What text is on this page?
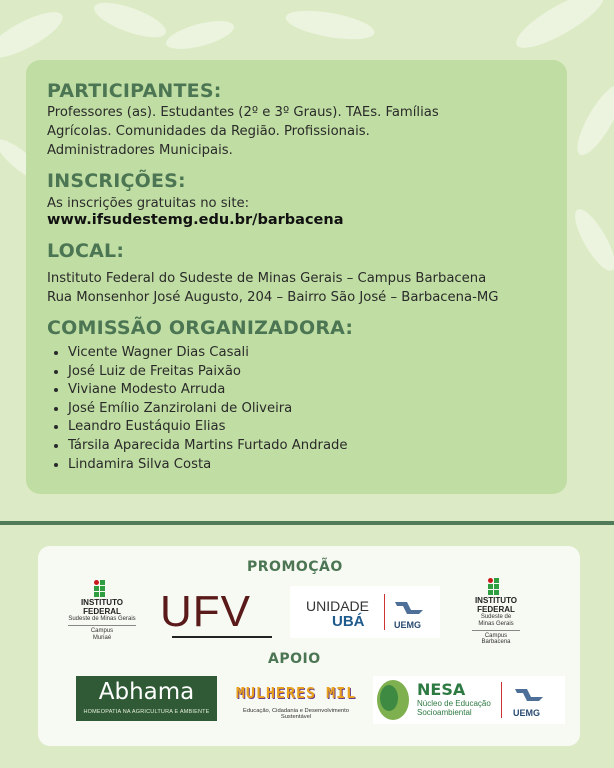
PARTICIPANTES:

Professores (as). Estudantes (2º e 3º Graus). TAEs. Famílias

Agrícolas. Comunidades da Região. Profissionais.

Administradores Municipais.

INSCRIÇÕES:

As inscrições gratuitas no site:

www.ifsudestemg.edu.br/barbacena

LOCAL:

Instituto Federal do Sudeste de Minas Gerais – Campus Barbacena

Rua Monsenhor José Augusto, 204 – Bairro São José – Barbacena-MG

COMISSÃO ORGANIZADORA:
• Vicente Wagner Dias Casali
• José Luiz de Freitas Paixão
• Viviane Modesto Arruda
• José Emílio Zanzirolani de Oliveira
• Leandro Eustáquio Elias
• Társila Aparecida Martins Furtado Andrade
• Lindamira Silva Costa
PROMOÇÃO
INSTITUTO
FEDERAL
Sudeste de Minas Gerais
Campus
Muriaé
UFV	UNIDADE
UBÁ	UEMG
INSTITUTO
FEDERAL
Sudeste de
Minas Gerais
Campus
Barbacena
APOIO
Abhama
HOMEOPATIA NA AGRICULTURA E AMBIENTE
MULHERES MIL
Educação, Cidadania e Desenvolvimento Sustentável
NESA
Núcleo de Educação
Socioambiental	UEMG
